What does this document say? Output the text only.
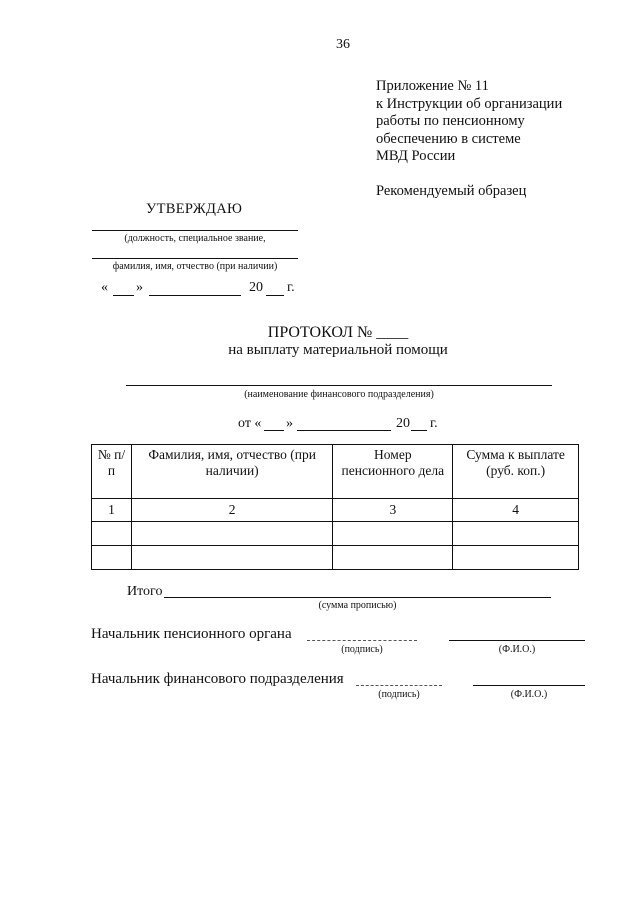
36
Приложение № 11
к Инструкции об организации
работы по пенсионному
обеспечению в системе
МВД России
Рекомендуемый образец
УТВЕРЖДАЮ
(должность, специальное звание,
фамилия, имя, отчество (при наличии)
« »	20 г.
ПРОТОКОЛ № ____
на выплату материальной помощи
(наименование финансового подразделения)
от « »	20 г.
№ п/п	Фамилия, имя, отчество (при наличии)	Номер пенсионного дела	Сумма к выплате (руб. коп.)
1	2	3	4

Итого
(сумма прописью)
Начальник пенсионного органа
(подпись)	(Ф.И.О.)
Начальник финансового подразделения
(подпись)	(Ф.И.О.)
